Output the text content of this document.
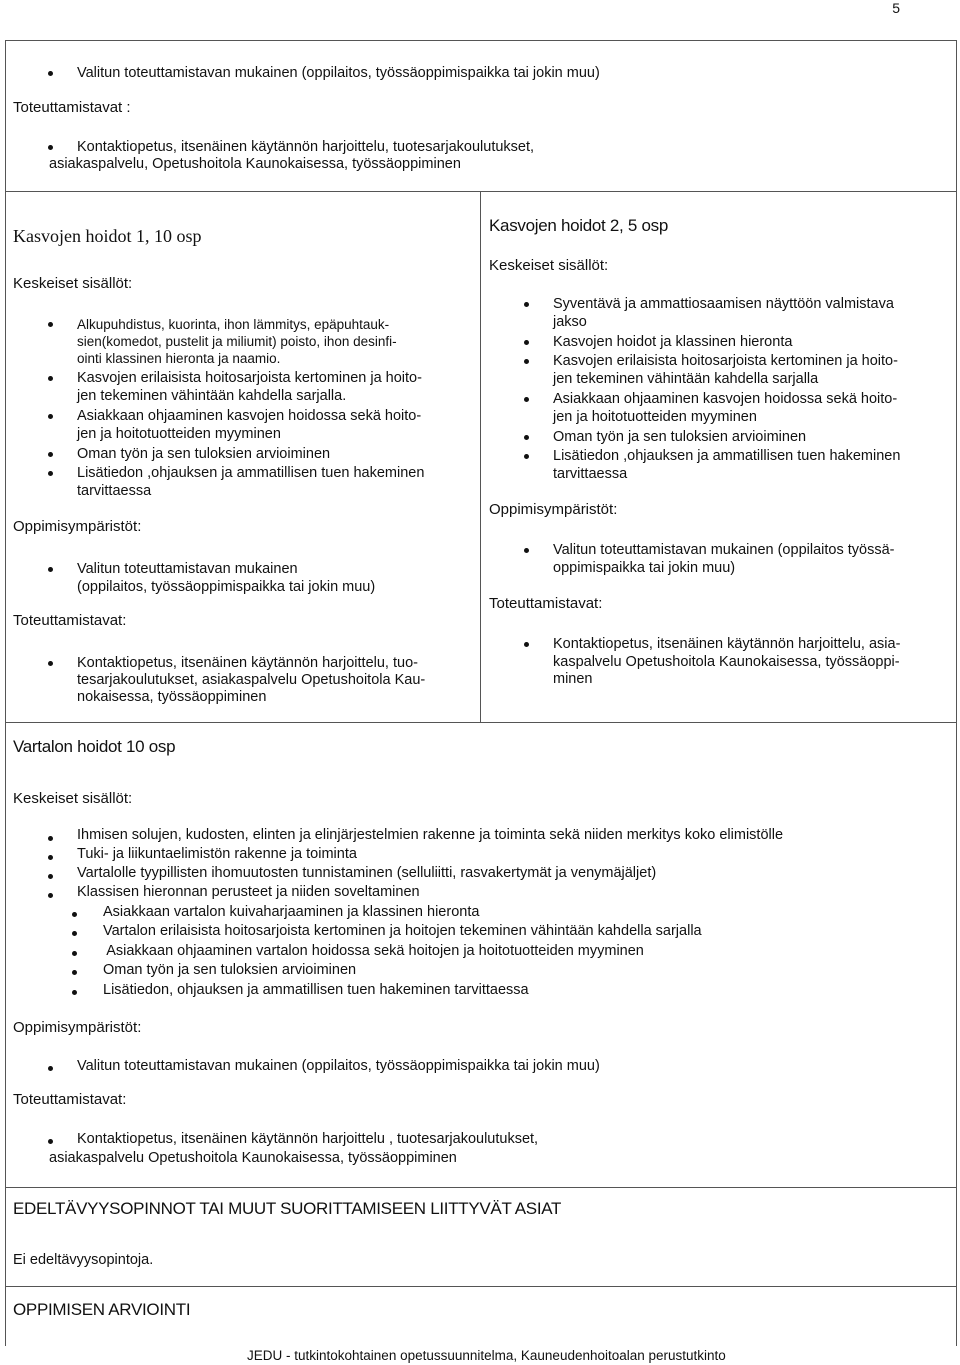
5
Valitun toteuttamistavan mukainen (oppilaitos, työssäoppimispaikka tai jokin muu)
Toteuttamistavat :
Kontaktiopetus, itsenäinen käytännön harjoittelu, tuotesarjakoulutukset,
asiakaspalvelu, Opetushoitola Kaunokaisessa, työssäoppiminen
Kasvojen hoidot 1, 10 osp
Keskeiset sisällöt:
Alkupuhdistus, kuorinta, ihon lämmitys, epäpuhtauk-
sien(komedot, pustelit ja miliumit) poisto, ihon desinfi-
ointi klassinen hieronta ja naamio.
Kasvojen erilaisista hoitosarjoista kertominen ja hoito-
jen tekeminen vähintään kahdella sarjalla.
Asiakkaan ohjaaminen kasvojen hoidossa sekä hoito-
jen ja hoitotuotteiden myyminen
Oman työn ja sen tuloksien arvioiminen
Lisätiedon ,ohjauksen ja ammatillisen tuen hakeminen
tarvittaessa
Oppimisympäristöt:
Valitun toteuttamistavan mukainen
(oppilaitos, työssäoppimispaikka tai jokin muu)
Toteuttamistavat:
Kontaktiopetus, itsenäinen käytännön harjoittelu, tuo-
tesarjakoulutukset, asiakaspalvelu Opetushoitola Kau-
nokaisessa, työssäoppiminen
Kasvojen hoidot 2, 5 osp
Keskeiset sisällöt:
Syventävä ja ammattiosaamisen näyttöön valmistava
jakso
Kasvojen hoidot ja klassinen hieronta
Kasvojen erilaisista hoitosarjoista kertominen ja hoito-
jen tekeminen vähintään kahdella sarjalla
Asiakkaan ohjaaminen kasvojen hoidossa sekä hoito-
jen ja hoitotuotteiden myyminen
Oman työn ja sen tuloksien arvioiminen
Lisätiedon ,ohjauksen ja ammatillisen tuen hakeminen
tarvittaessa
Oppimisympäristöt:
Valitun toteuttamistavan mukainen (oppilaitos työssä-
oppimispaikka tai jokin muu)
Toteuttamistavat:
Kontaktiopetus, itsenäinen käytännön harjoittelu, asia-
kaspalvelu Opetushoitola Kaunokaisessa, työssäoppi-
minen
Vartalon hoidot 10 osp
Keskeiset sisällöt:
Ihmisen solujen, kudosten, elinten ja elinjärjestelmien rakenne ja toiminta sekä niiden merkitys koko elimistölle
Tuki- ja liikuntaelimistön rakenne ja toiminta
Vartalolle tyypillisten ihomuutosten tunnistaminen (selluliitti, rasvakertymät ja venymäjäljet)
Klassisen hieronnan perusteet ja niiden soveltaminen
Asiakkaan vartalon kuivaharjaaminen ja klassinen hieronta
Vartalon erilaisista hoitosarjoista kertominen ja hoitojen tekeminen vähintään kahdella sarjalla
Asiakkaan ohjaaminen vartalon hoidossa sekä hoitojen ja hoitotuotteiden myyminen
Oman työn ja sen tuloksien arvioiminen
Lisätiedon, ohjauksen ja ammatillisen tuen hakeminen tarvittaessa
Oppimisympäristöt:
Valitun toteuttamistavan mukainen (oppilaitos, työssäoppimispaikka tai jokin muu)
Toteuttamistavat:
Kontaktiopetus, itsenäinen käytännön harjoittelu , tuotesarjakoulutukset,
asiakaspalvelu Opetushoitola Kaunokaisessa, työssäoppiminen
EDELTÄVYYSOPINNOT TAI MUUT SUORITTAMISEEN LIITTYVÄT ASIAT
Ei edeltävyysopintoja.
OPPIMISEN ARVIOINTI
JEDU - tutkintokohtainen opetussuunnitelma, Kauneudenhoitoalan perustutkinto
